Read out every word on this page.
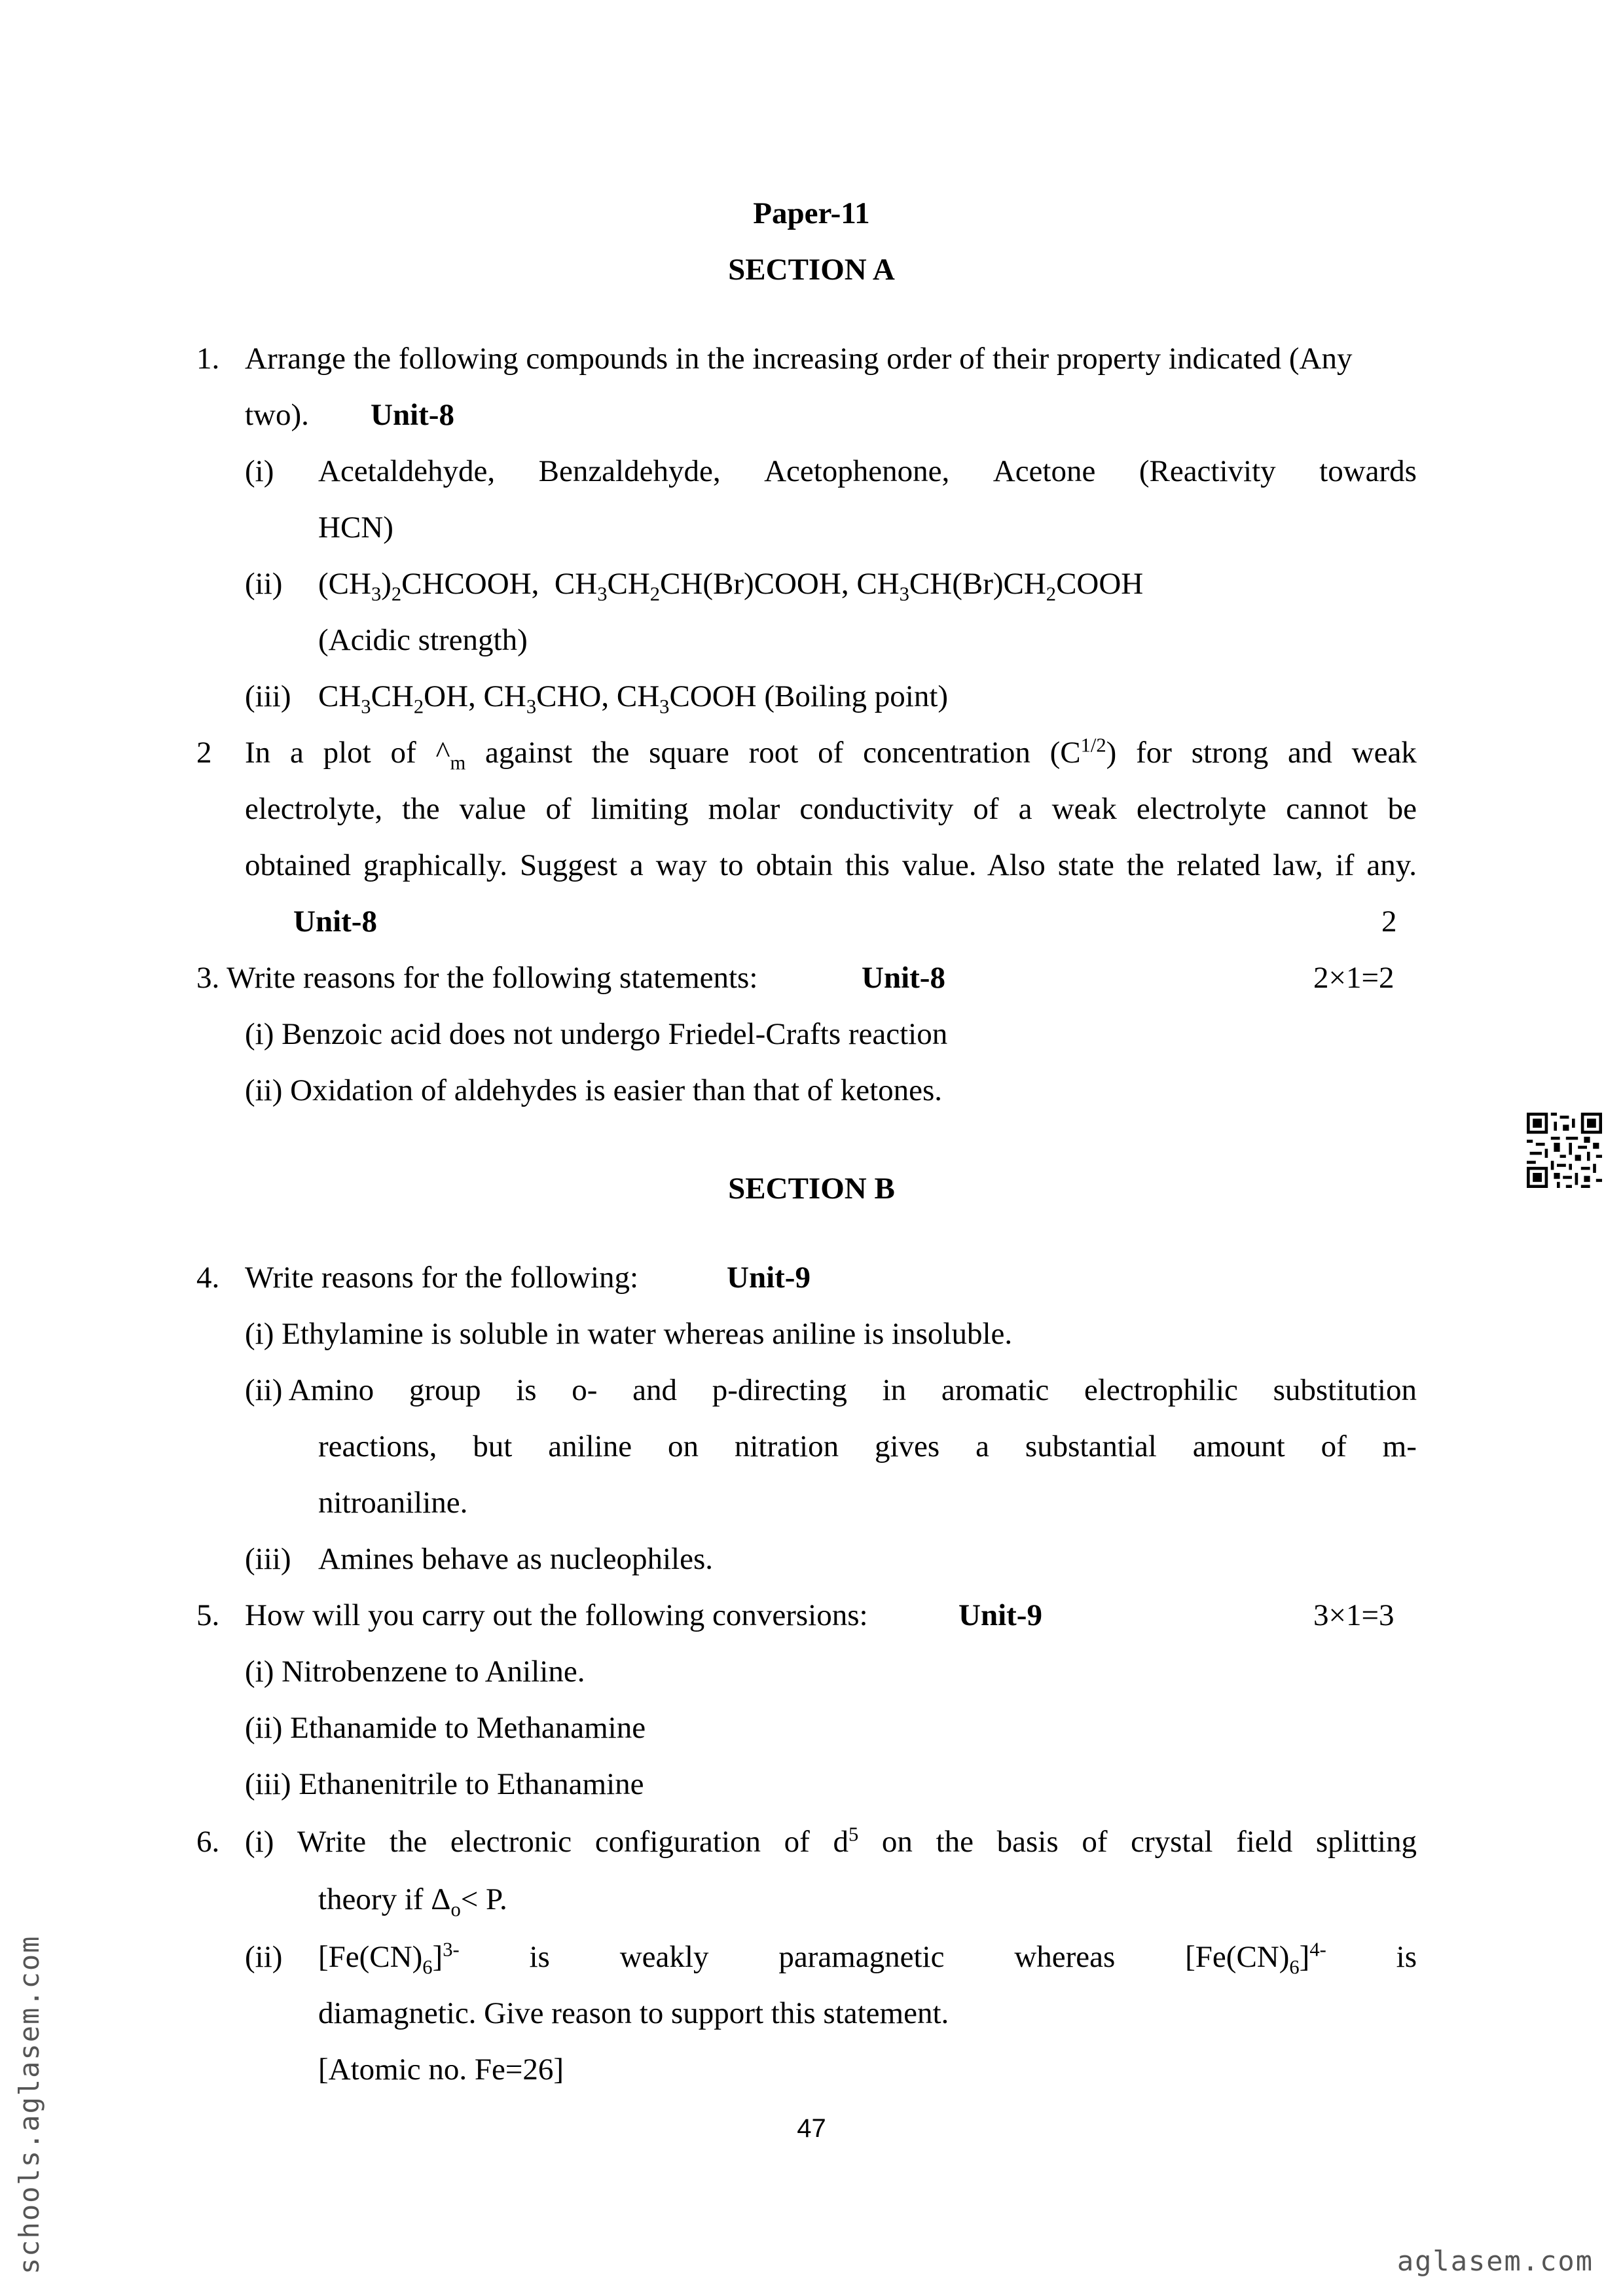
Paper-11
SECTION A
1. Arrange the following compounds in the increasing order of their property indicated (Any
two). Unit-8
(i) Acetaldehyde, Benzaldehyde, Acetophenone, Acetone (Reactivity towards
HCN)
(ii) $(CH_3)_2CHCOOH$, $CH_3CH_2CH(Br)COOH$, $CH_3CH(Br)CH_2COOH$
(Acidic strength)
(iii) $CH_3CH_2OH$, $CH_3CHO$, $CH_3COOH$ (Boiling point)
2 In a plot of $\^{}_m$ against the square root of concentration $(C^{1/2})$ for strong and weak
electrolyte, the value of limiting molar conductivity of a weak electrolyte cannot be
obtained graphically. Suggest a way to obtain this value. Also state the related law, if any.
Unit-8	2
3. Write reasons for the following statements:	Unit-8	2×1=2
(i) Benzoic acid does not undergo Friedel-Crafts reaction
(ii) Oxidation of aldehydes is easier than that of ketones.
SECTION B
4. Write reasons for the following:	Unit-9
(i) Ethylamine is soluble in water whereas aniline is insoluble.
(ii) Amino group is o- and p-directing in aromatic electrophilic substitution
reactions, but aniline on nitration gives a substantial amount of m-
nitroaniline.
(iii) Amines behave as nucleophiles.
5. How will you carry out the following conversions:	Unit-9	3×1=3
(i) Nitrobenzene to Aniline.
(ii) Ethanamide to Methanamine
(iii) Ethanenitrile to Ethanamine
6. (i) Write the electronic configuration of $d^5$ on the basis of crystal field splitting
theory if $\Delta_o< P$.
(ii) $[Fe(CN)_6]^{3-}$ is weakly paramagnetic whereas $[Fe(CN)_6]^{4-}$ is
diamagnetic. Give reason to support this statement.
[Atomic no. Fe=26]
47
schools.aglasem.com	aglasem.com
